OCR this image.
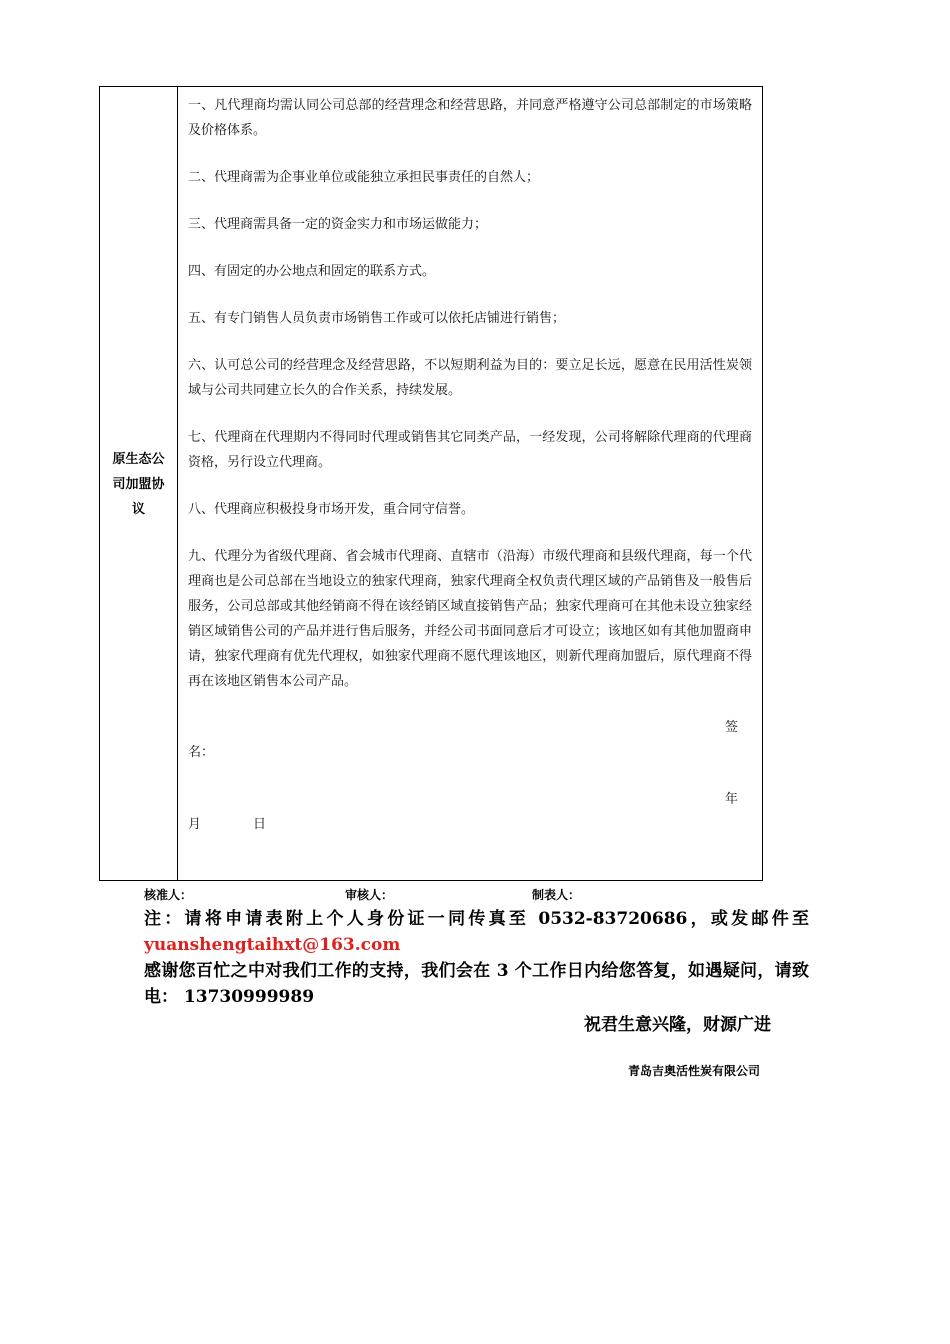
原生态公司加盟协议

一、凡代理商均需认同公司总部的经营理念和经营思路，并同意严格遵守公司总部制定的市场策略及价格体系。

二、代理商需为企事业单位或能独立承担民事责任的自然人；

三、代理商需具备一定的资金实力和市场运做能力；

四、有固定的办公地点和固定的联系方式。

五、有专门销售人员负责市场销售工作或可以依托店铺进行销售；

六、认可总公司的经营理念及经营思路，不以短期利益为目的：要立足长远，愿意在民用活性炭领域与公司共同建立长久的合作关系，持续发展。

七、代理商在代理期内不得同时代理或销售其它同类产品，一经发现，公司将解除代理商的代理商资格，另行设立代理商。

八、代理商应积极投身市场开发，重合同守信誉。

九、代理分为省级代理商、省会城市代理商、直辖市（沿海）市级代理商和县级代理商，每一个代理商也是公司总部在当地设立的独家代理商，独家代理商全权负责代理区域的产品销售及一般售后服务，公司总部或其他经销商不得在该经销区域直接销售产品；独家代理商可在其他未设立独家经销区域销售公司的产品并进行售后服务，并经公司书面同意后才可设立；该地区如有其他加盟商申请，独家代理商有优先代理权，如独家代理商不愿代理该地区，则新代理商加盟后，原代理商不得再在该地区销售本公司产品。

签
名：
年
月	日
核准人：	审核人：	制表人：
注：请将申请表附上个人身份证一同传真至 0532-83720686，或发邮件至
yuanshengtaihxt@163.com
感谢您百忙之中对我们工作的支持，我们会在 3 个工作日内给您答复，如遇疑问，请致电： 13730999989
祝君生意兴隆，财源广进
青岛吉奥活性炭有限公司
